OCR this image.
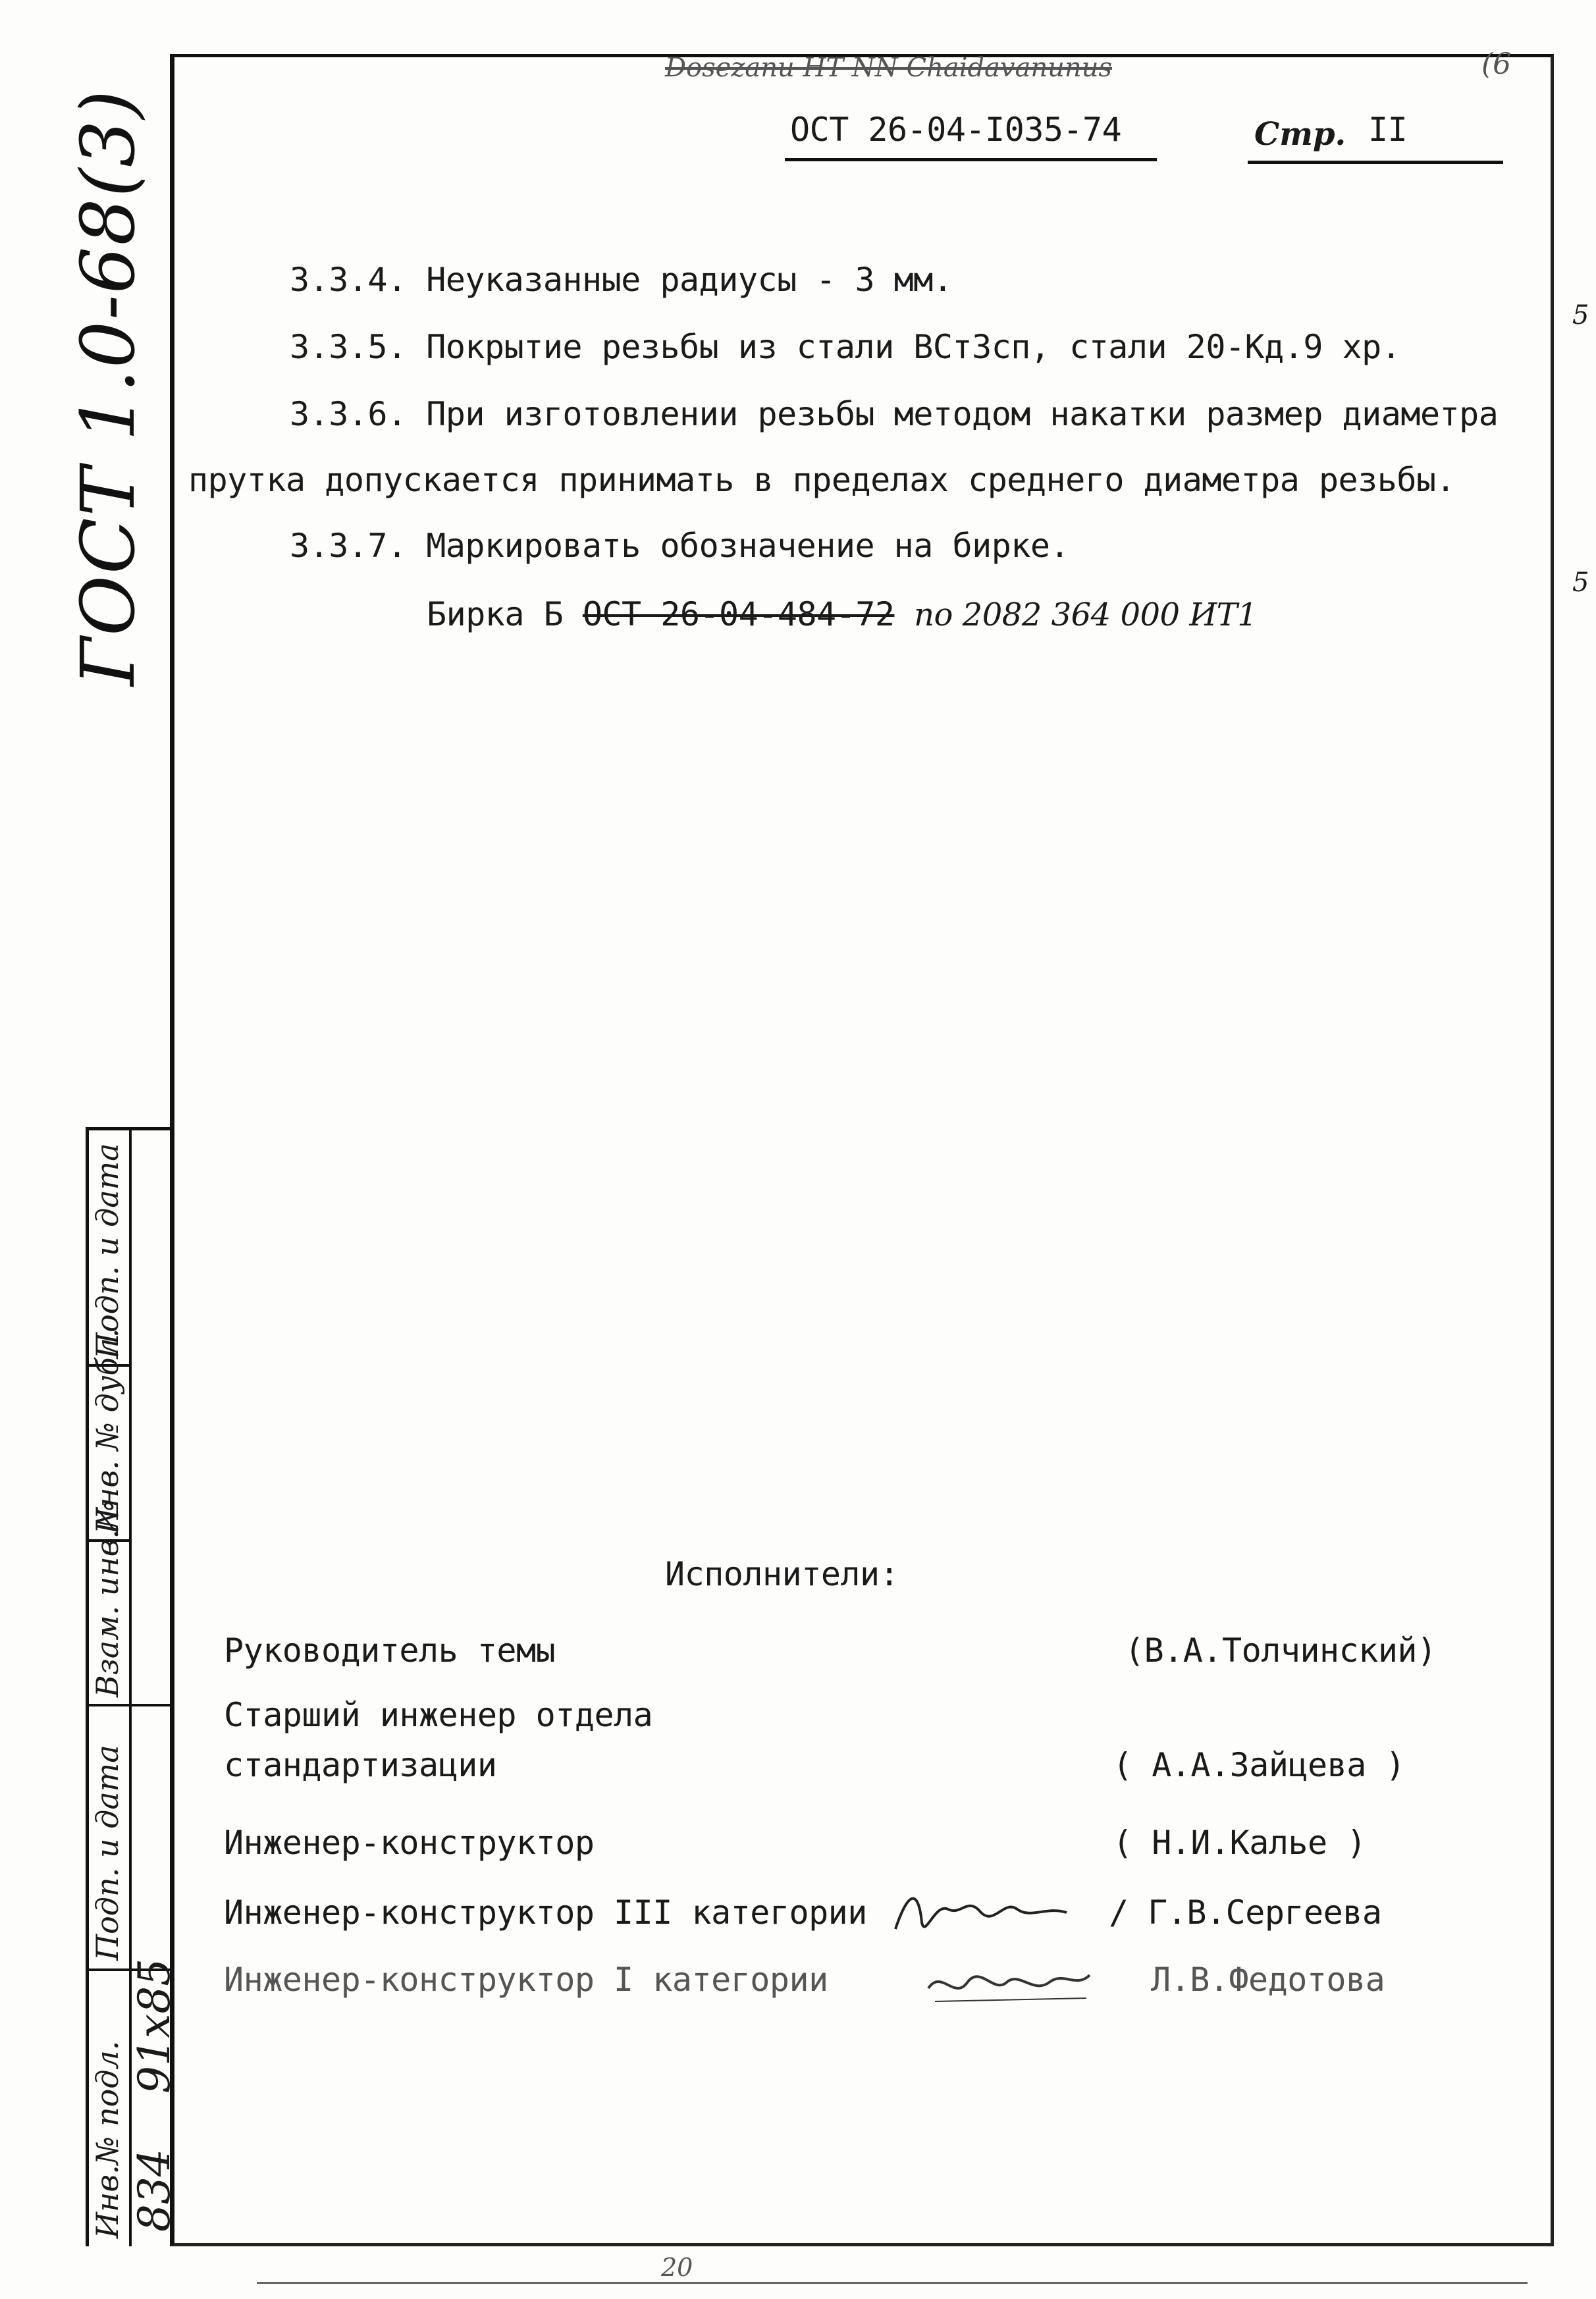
Dosezanu HT NN Chaidavanunus	(6
ОСТ 26-04-I035-74	Стр. II
ГОСТ 1.0-68(3)	5
5
3.3.4. Неуказанные радиусы - 3 мм.
3.3.5. Покрытие резьбы из стали ВСт3сп, стали 20-Кд.9 хр.
3.3.6. При изготовлении резьбы методом накатки размер диаметра
прутка допускается принимать в пределах среднего диаметра резьбы.
3.3.7. Маркировать обозначение на бирке.
Бирка Б ОСТ 26-04-484-72 по 2082 364 000 ИТ1
Исполнители:
Руководитель темы	(В.А.Толчинский)
Старший инженер отдела
стандартизации	( А.А.Зайцева )
Инженер-конструктор	( Н.И.Калье )
Инженер-конструктор III категории	/ Г.В.Сергеева
Инженер-конструктор I категории	Л.В.Федотова
Инв.№ подл.
Подп. и дата
Взам. инв.№
Инв. № дубл.
Подп. и дата
834
91x85
20
